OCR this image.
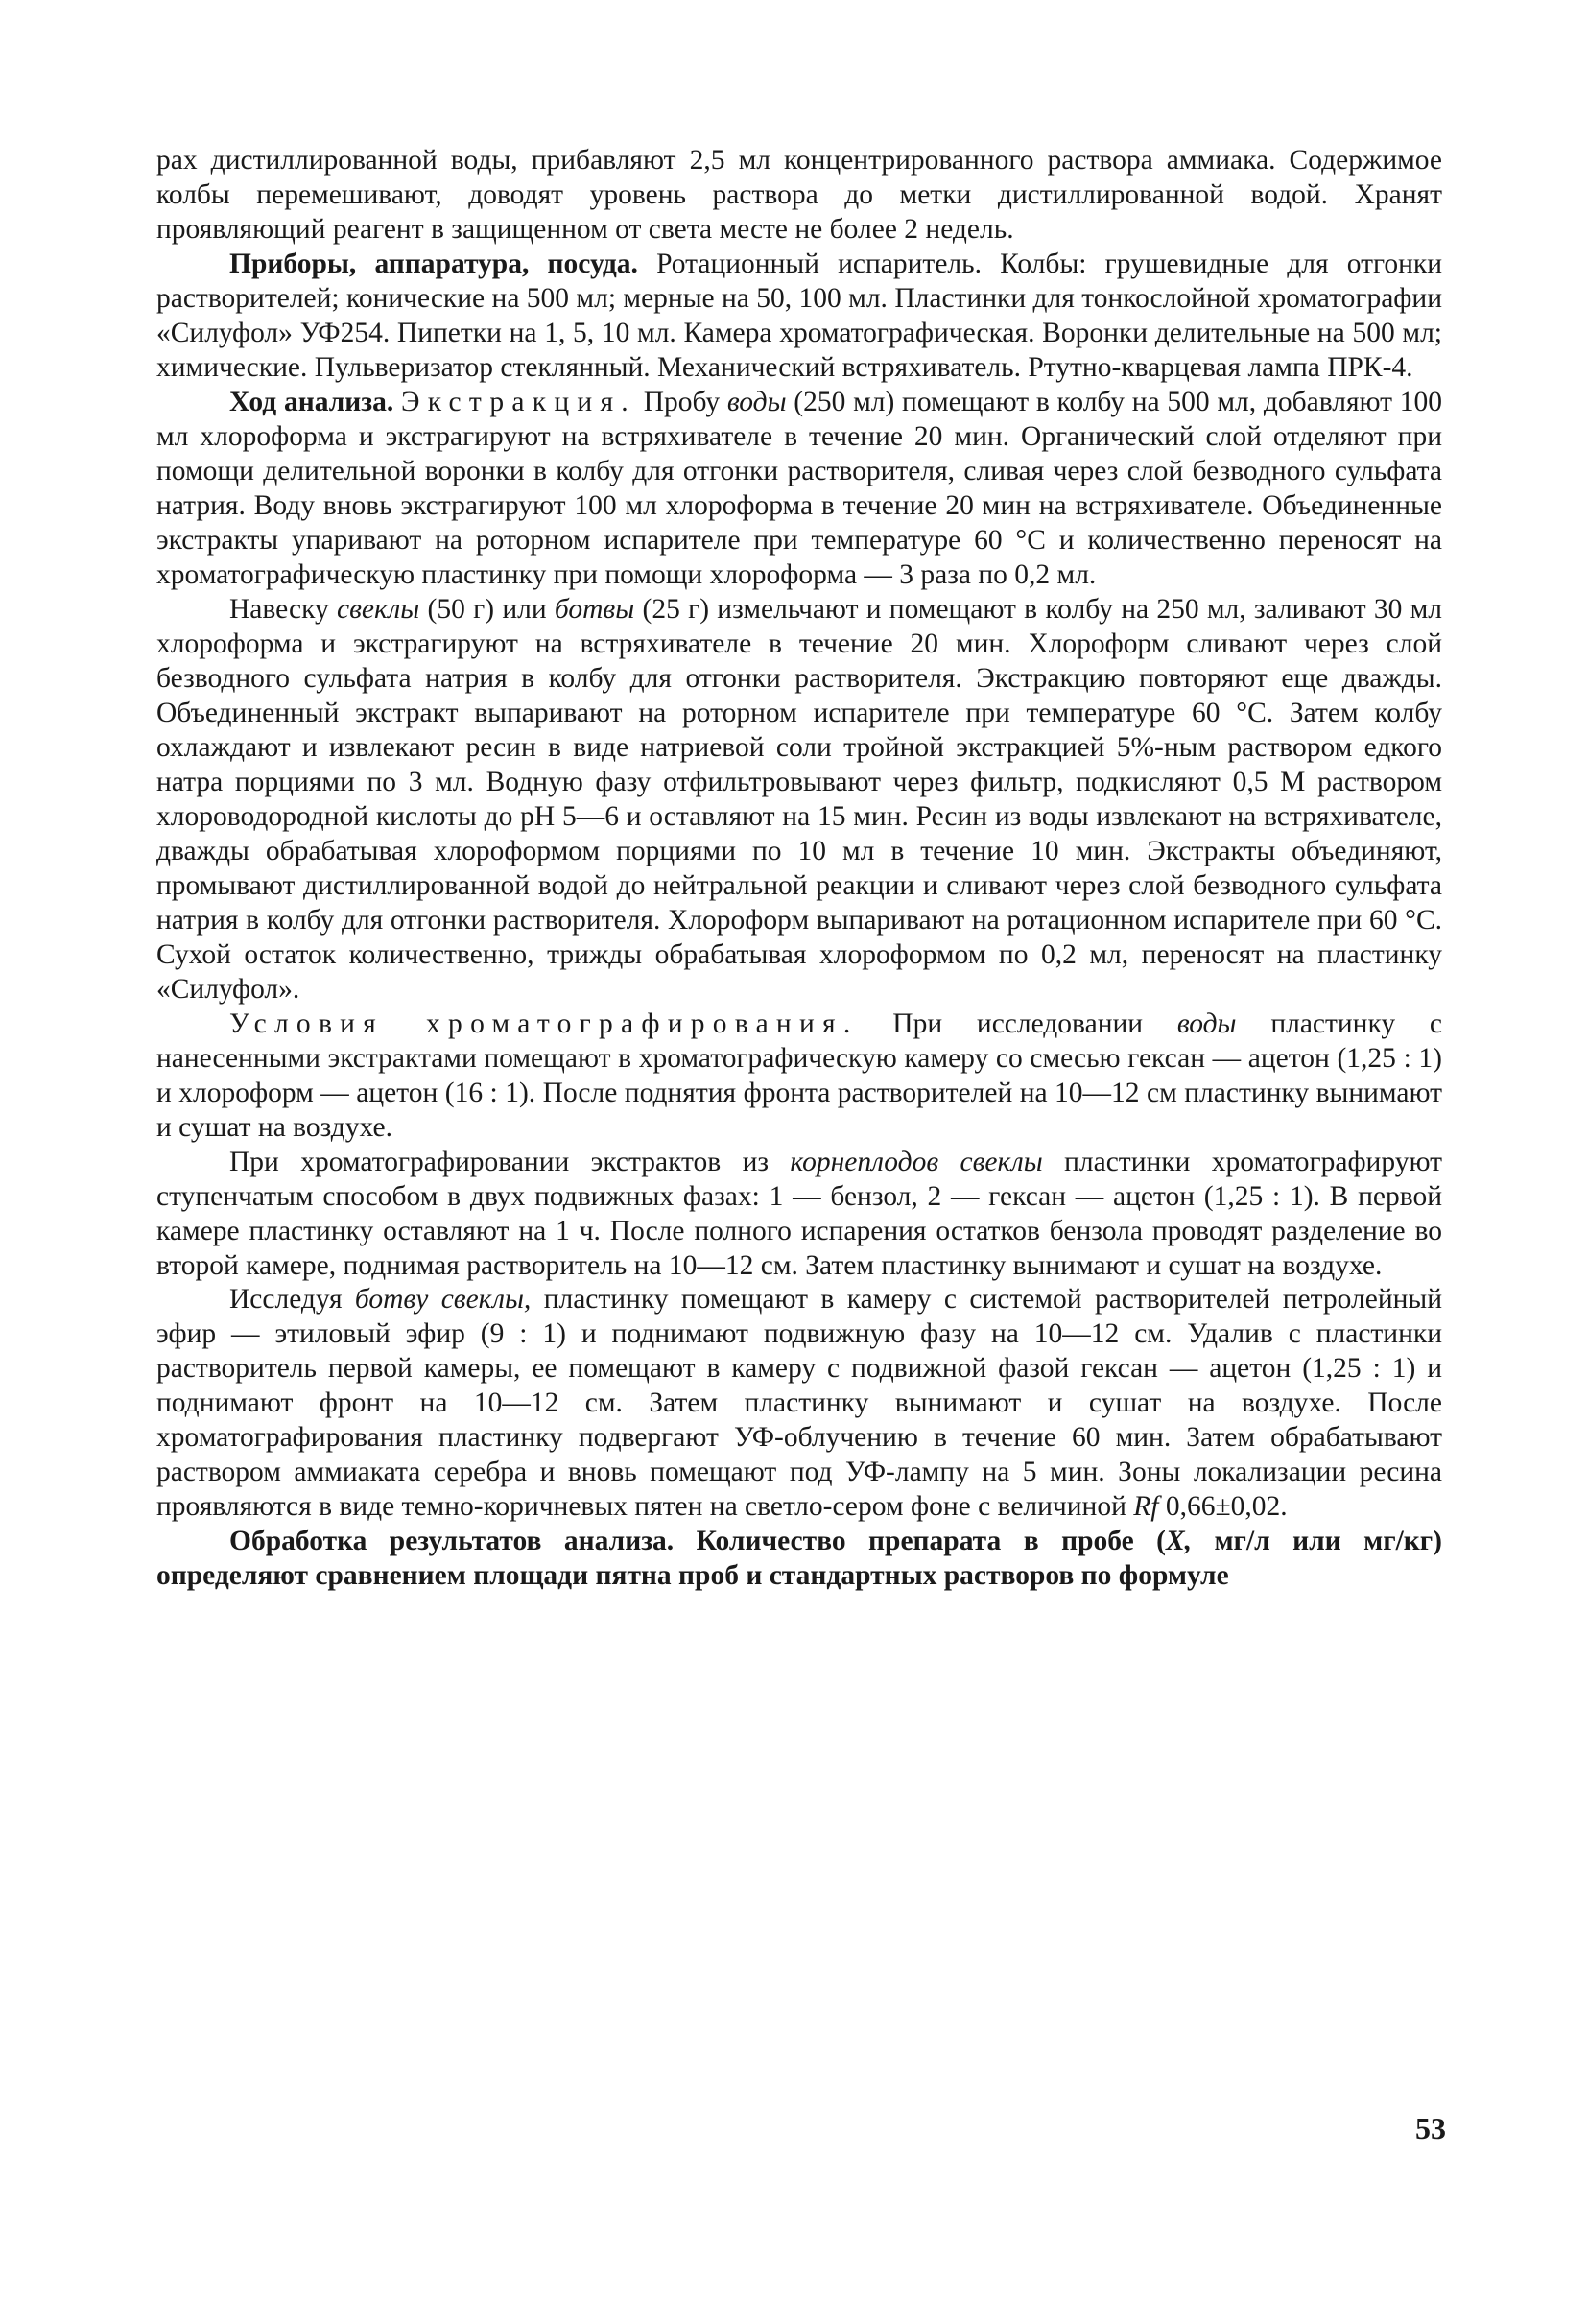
рах дистиллированной воды, прибавляют 2,5 мл концентрированного раствора аммиака. Содержимое колбы перемешивают, доводят уровень раствора до метки дистиллированной водой. Хранят проявляющий реагент в защищенном от света месте не более 2 недель.

Приборы, аппаратура, посуда. Ротационный испаритель. Колбы: грушевидные для отгонки растворителей; конические на 500 мл; мерные на 50, 100 мл. Пластинки для тонкослойной хроматографии «Силуфол» УФ254. Пипетки на 1, 5, 10 мл. Камера хроматографическая. Воронки делительные на 500 мл; химические. Пульверизатор стеклянный. Механический встряхиватель. Ртутно-кварцевая лампа ПРК-4.

Ход анализа. Экстракция. Пробу воды (250 мл) помещают в колбу на 500 мл, добавляют 100 мл хлороформа и экстрагируют на встряхивателе в течение 20 мин. Органический слой отделяют при помощи делительной воронки в колбу для отгонки растворителя, сливая через слой безводного сульфата натрия. Воду вновь экстрагируют 100 мл хлороформа в течение 20 мин на встряхивателе. Объединенные экстракты упаривают на роторном испарителе при температуре 60 °С и количественно переносят на хроматографическую пластинку при помощи хлороформа — 3 раза по 0,2 мл.

Навеску свеклы (50 г) или ботвы (25 г) измельчают и помещают в колбу на 250 мл, заливают 30 мл хлороформа и экстрагируют на встряхивателе в течение 20 мин. Хлороформ сливают через слой безводного сульфата натрия в колбу для отгонки растворителя. Экстракцию повторяют еще дважды. Объединенный экстракт выпаривают на роторном испарителе при температуре 60 °С. Затем колбу охлаждают и извлекают ресин в виде натриевой соли тройной экстракцией 5%-ным раствором едкого натра порциями по 3 мл. Водную фазу отфильтровывают через фильтр, подкисляют 0,5 М раствором хлороводородной кислоты до pH 5—6 и оставляют на 15 мин. Ресин из воды извлекают на встряхивателе, дважды обрабатывая хлороформом порциями по 10 мл в течение 10 мин. Экстракты объединяют, промывают дистиллированной водой до нейтральной реакции и сливают через слой безводного сульфата натрия в колбу для отгонки растворителя. Хлороформ выпаривают на ротационном испарителе при 60 °С. Сухой остаток количественно, трижды обрабатывая хлороформом по 0,2 мл, переносят на пластинку «Силуфол».

Условия хроматографирования. При исследовании воды пластинку с нанесенными экстрактами помещают в хроматографическую камеру со смесью гексан — ацетон (1,25 : 1) и хлороформ — ацетон (16 : 1). После поднятия фронта растворителей на 10—12 см пластинку вынимают и сушат на воздухе.

При хроматографировании экстрактов из корнеплодов свеклы пластинки хроматографируют ступенчатым способом в двух подвижных фазах: 1 — бензол, 2 — гексан — ацетон (1,25 : 1). В первой камере пластинку оставляют на 1 ч. После полного испарения остатков бензола проводят разделение во второй камере, поднимая растворитель на 10—12 см. Затем пластинку вынимают и сушат на воздухе.

Исследуя ботву свеклы, пластинку помещают в камеру с системой растворителей петролейный эфир — этиловый эфир (9 : 1) и поднимают подвижную фазу на 10—12 см. Удалив с пластинки растворитель первой камеры, ее помещают в камеру с подвижной фазой гексан — ацетон (1,25 : 1) и поднимают фронт на 10—12 см. Затем пластинку вынимают и сушат на воздухе. После хроматографирования пластинку подвергают УФ-облучению в течение 60 мин. Затем обрабатывают раствором аммиаката серебра и вновь помещают под УФ-лампу на 5 мин. Зоны локализации ресина проявляются в виде темно-коричневых пятен на светло-сером фоне с величиной Rf 0,66±0,02.

Обработка результатов анализа. Количество препарата в пробе (X, мг/л или мг/кг) определяют сравнением площади пятна проб и стандартных растворов по формуле

53
